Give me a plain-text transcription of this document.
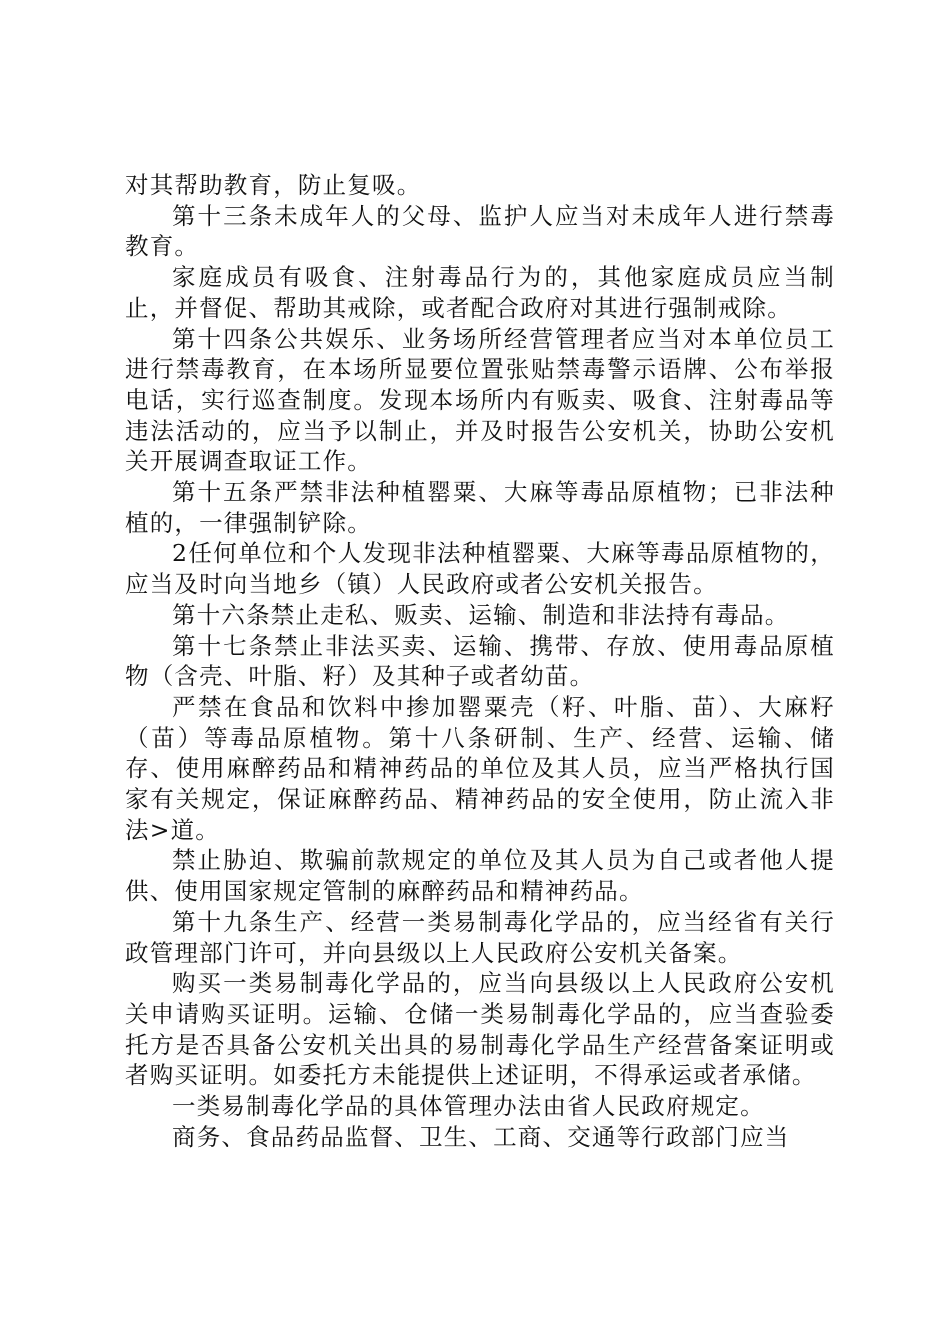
对其帮助教育，防止复吸。

第十三条未成年人的父母、监护人应当对未成年人进行禁毒教育。

家庭成员有吸食、注射毒品行为的，其他家庭成员应当制止，并督促、帮助其戒除，或者配合政府对其进行强制戒除。

第十四条公共娱乐、业务场所经营管理者应当对本单位员工进行禁毒教育，在本场所显要位置张贴禁毒警示语牌、公布举报电话，实行巡查制度。发现本场所内有贩卖、吸食、注射毒品等违法活动的，应当予以制止，并及时报告公安机关，协助公安机关开展调查取证工作。

第十五条严禁非法种植罂粟、大麻等毒品原植物；已非法种植的，一律强制铲除。

2任何单位和个人发现非法种植罂粟、大麻等毒品原植物的，应当及时向当地乡（镇）人民政府或者公安机关报告。

第十六条禁止走私、贩卖、运输、制造和非法持有毒品。

第十七条禁止非法买卖、运输、携带、存放、使用毒品原植物（含壳、叶脂、籽）及其种子或者幼苗。

严禁在食品和饮料中掺加罂粟壳（籽、叶脂、苗）、大麻籽（苗）等毒品原植物。第十八条研制、生产、经营、运输、储存、使用麻醉药品和精神药品的单位及其人员，应当严格执行国家有关规定，保证麻醉药品、精神药品的安全使用，防止流入非法>道。

禁止胁迫、欺骗前款规定的单位及其人员为自己或者他人提供、使用国家规定管制的麻醉药品和精神药品。

第十九条生产、经营一类易制毒化学品的，应当经省有关行政管理部门许可，并向县级以上人民政府公安机关备案。

购买一类易制毒化学品的，应当向县级以上人民政府公安机关申请购买证明。运输、仓储一类易制毒化学品的，应当查验委托方是否具备公安机关出具的易制毒化学品生产经营备案证明或者购买证明。如委托方未能提供上述证明，不得承运或者承储。

一类易制毒化学品的具体管理办法由省人民政府规定。

商务、食品药品监督、卫生、工商、交通等行政部门应当
